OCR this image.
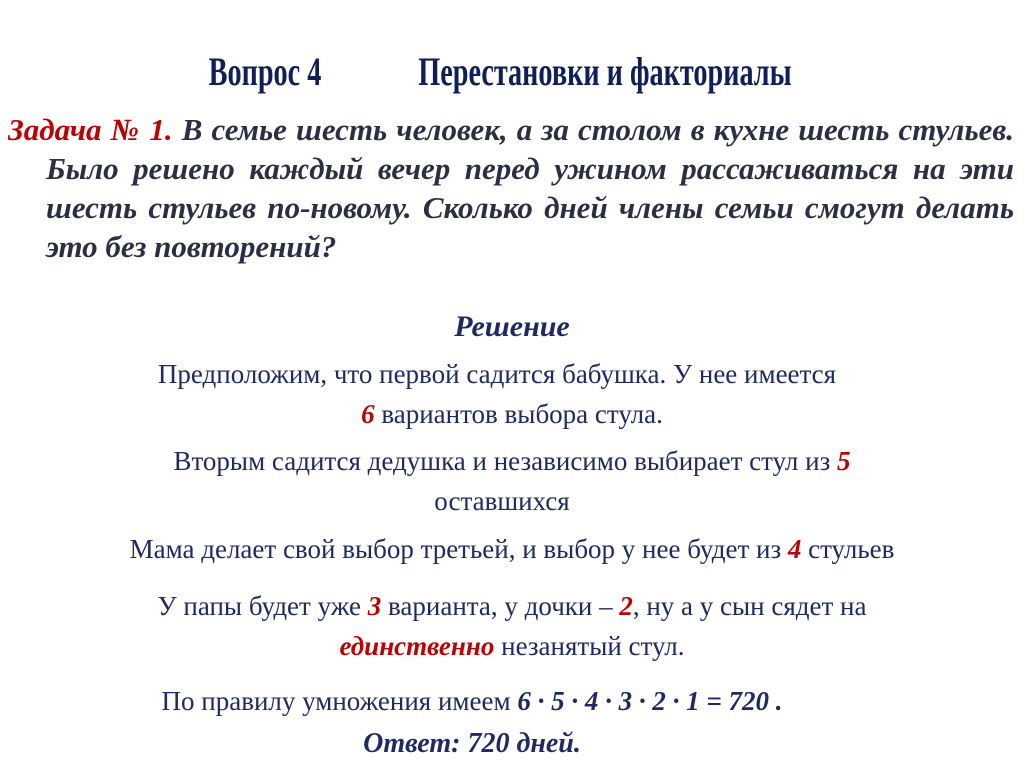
Вопрос 4 Перестановки и факториалы
Задача № 1. В семье шесть человек, а за столом в кухне шесть стульев. Было решено каждый вечер перед ужином рассаживаться на эти шесть стульев по-новому. Сколько дней члены семьи смогут делать это без повторений?
Решение
Предположим, что первой садится бабушка. У нее имеется
6 вариантов выбора стула.
Вторым садится дедушка и независимо выбирает стул из 5
оставшихся
Мама делает свой выбор третьей, и выбор у нее будет из 4 стульев
У папы будет уже 3 варианта, у дочки – 2, ну а у сын сядет на
единственно незанятый стул.
По правилу умножения имеем 6 · 5 · 4 · 3 · 2 · 1 = 720 .
Ответ: 720 дней.
